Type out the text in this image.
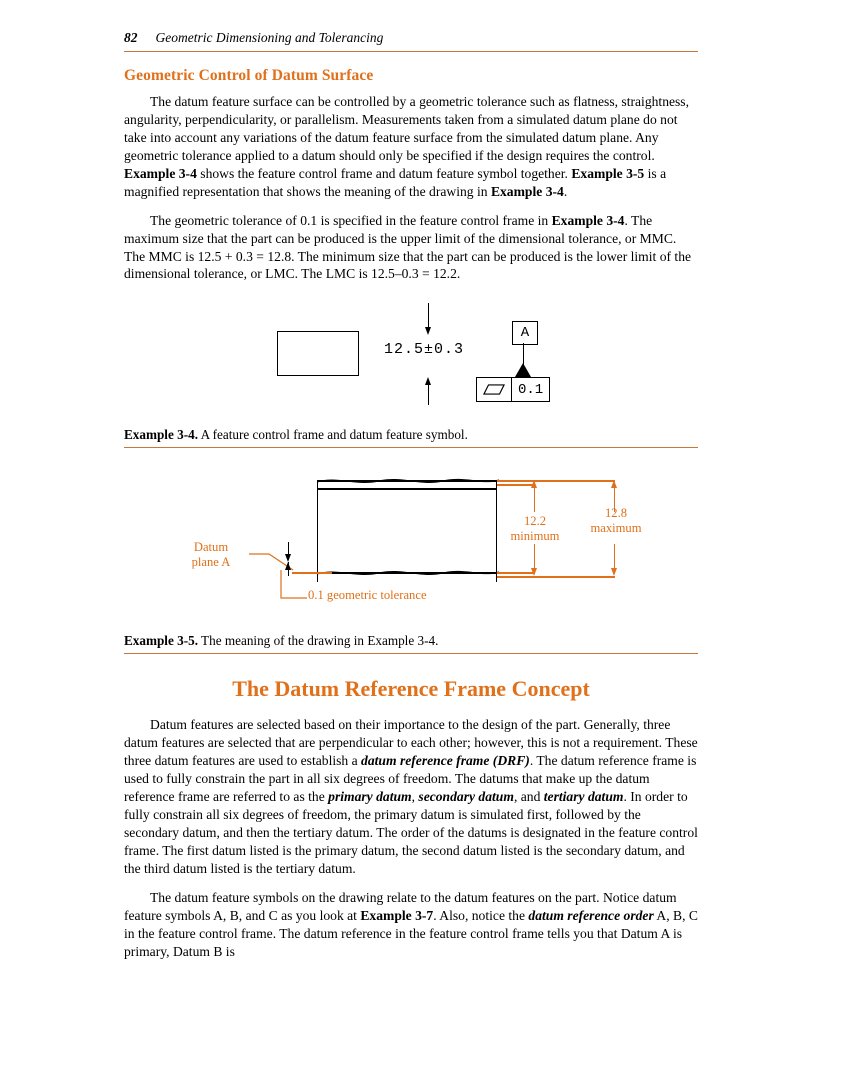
82 Geometric Dimensioning and Tolerancing
Geometric Control of Datum Surface

The datum feature surface can be controlled by a geometric tolerance such as flatness, straightness, angularity, perpendicularity, or parallelism. Measurements taken from a simulated datum plane do not take into account any variations of the datum feature surface from the simulated datum plane. Any geometric tolerance applied to a datum should only be specified if the design requires the control. Example 3-4 shows the feature control frame and datum feature symbol together. Example 3-5 is a magnified representation that shows the meaning of the drawing in Example 3-4.

The geometric tolerance of 0.1 is specified in the feature control frame in Example 3-4. The maximum size that the part can be produced is the upper limit of the dimensional tolerance, or MMC. The MMC is 12.5 + 0.3 = 12.8. The minimum size that the part can be produced is the lower limit of the dimensional tolerance, or LMC. The LMC is 12.5–0.3 = 12.2.

12.5±0.3
A
0.1
Example 3-4. A feature control frame and datum feature symbol.
Datum
plane A
0.1 geometric tolerance
12.2
minimum
12.8
maximum
Example 3-5. The meaning of the drawing in Example 3-4.
The Datum Reference Frame Concept

Datum features are selected based on their importance to the design of the part. Generally, three datum features are selected that are perpendicular to each other; however, this is not a requirement. These three datum features are used to establish a datum reference frame (DRF). The datum reference frame is used to fully constrain the part in all six degrees of freedom. The datums that make up the datum reference frame are referred to as the primary datum, secondary datum, and tertiary datum. In order to fully constrain all six degrees of freedom, the primary datum is simulated first, followed by the secondary datum, and then the tertiary datum. The order of the datums is designated in the feature control frame. The first datum listed is the primary datum, the second datum listed is the secondary datum, and the third datum listed is the tertiary datum.

The datum feature symbols on the drawing relate to the datum features on the part. Notice datum feature symbols A, B, and C as you look at Example 3-7. Also, notice the datum reference order A, B, C in the feature control frame. The datum reference in the feature control frame tells you that Datum A is primary, Datum B is
